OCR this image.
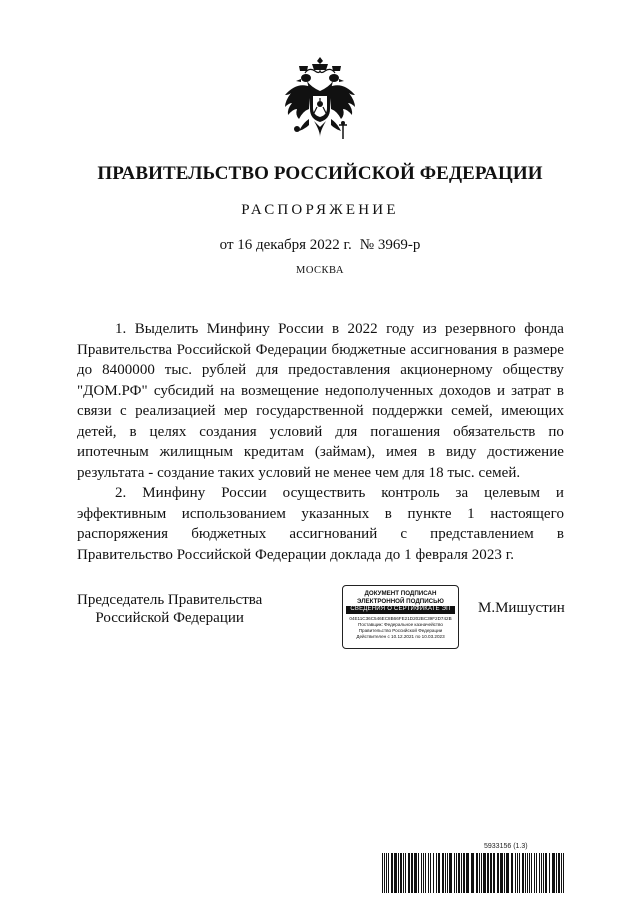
ПРАВИТЕЛЬСТВО РОССИЙСКОЙ ФЕДЕРАЦИИ
РАСПОРЯЖЕНИЕ
от 16 декабря 2022 г. № 3969-р
МОСКВА

1. Выделить Минфину России в 2022 году из резервного фонда Правительства Российской Федерации бюджетные ассигнования в размере до 8400000 тыс. рублей для предоставления акционерному обществу "ДОМ.РФ" субсидий на возмещение недополученных доходов и затрат в связи с реализацией мер государственной поддержки семей, имеющих детей, в целях создания условий для погашения обязательств по ипотечным жилищным кредитам (займам), имея в виду достижение результата - создание таких условий не менее чем для 18 тыс. семей.

2. Минфину России осуществить контроль за целевым и эффективным использованием указанных в пункте 1 настоящего распоряжения бюджетных ассигнований с представлением в Правительство Российской Федерации доклада до 1 февраля 2023 г.

Председатель Правительства
Российской Федерации
ДОКУМЕНТ ПОДПИСАН
ЭЛЕКТРОННОЙ ПОДПИСЬЮ
СВЕДЕНИЯ О СЕРТИФИКАТЕ ЭП
04E11C36C546EC8B66FE21D202BC39F2D742B
Поставщик: Федеральное казначейство
Правительство Российской Федерации
Действителен с 10.12.2021 по 10.03.2023
М.Мишустин
5933156 (1.3)
